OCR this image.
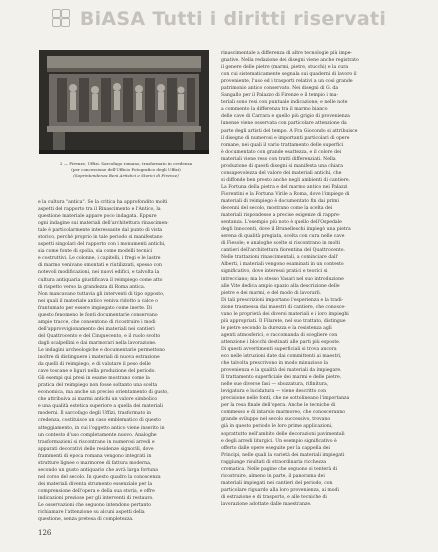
BiASA Tutti i diritti riservati
2 — Firenze, Uffizi. Sarcofago romano, trasformato in credenza
(per concessione dell'Ufficio Fotografico degli Uffizi)
(Soprintendenza Beni Artistici e Storici di Firenze)
e la cultura "antica". Se la critica ha approfondito molti
aspetti del rapporto tra il Rinascimento e l'Antico, la
questione materiale appare poco indagata. Eppure
ogni indagine sui materiali dell'architettura rinascimen-
tale è particolarmente interessante dal punto di vista
storico, perché proprio in tale periodo si manifestano
aspetti singolari del rapporto con i monumenti antichi,
sia come fonte di spolia, sia come modelli tecnici
e costruttivi. Le colonne, i capitelli, i fregi e le lastre
di marmo venivano smontati e riutilizzati, spesso con
notevoli modificazioni, nei nuovi edifici, e talvolta la
cultura antiquaria giustificava il reimpiego come atto
di rispetto verso la grandezza di Roma antica.
Non mancavano tuttavia gli interventi di tipo opposto,
nei quali il materiale antico veniva ridotto a calce o
frantumato per essere impiegato come inerte. Di
questo fenomeno le fonti documentarie conservano
ampie tracce, che consentono di ricostruire i modi
dell'approvvigionamento dei materiali nei cantieri
del Quattrocento e del Cinquecento, e il ruolo svolto
dagli scalpellini e dai marmorari nella lavorazione.
Le indagini archeologiche e documentarie permettono
inoltre di distinguere i materiali di nuova estrazione
da quelli di reimpiego, e di valutare il peso delle
cave toscane e liguri nella produzione del periodo.
Gli esempi qui presi in esame mostrano come la
pratica del reimpiego non fosse soltanto una scelta
economica, ma anche un preciso orientamento di gusto,
che attribuiva ai marmi antichi un valore simbolico
e una qualità estetica superiore a quella dei materiali
moderni. Il sarcofago degli Uffizi, trasformato in
credenza, costituisce un caso emblematico di questo
atteggiamento, in cui l'oggetto antico viene inserito in
un contesto d'uso completamente nuovo. Analoghe
trasformazioni si riscontrano in numerosi arredi e
apparati decorativi delle residenze signorili, dove
frammenti di epoca romana vengono integrati in
strutture lignee o marmoree di fattura moderna,
secondo un gusto antiquario che avrà larga fortuna
nel corso del secolo. In questo quadro la conoscenza
dei materiali diventa strumento essenziale per la
comprensione dell'opera e della sua storia, e offre
indicazioni preziose per gli interventi di restauro.
Le osservazioni che seguono intendono pertanto
richiamare l'attenzione su alcuni aspetti della
questione, senza pretesa di completezza.
rinascimentale a differenza di altre tecnologie più impe-
gnative. Nella redazione dei disegni viene anche registrato
il genere delle pietre (marmi, pietre, stucchi) e la cura
con cui sistematicamente segnala sui quaderni di lavoro il
proveniente, l'uso ed i trasporti relativi a un così grande
patrimonio antico conservato. Nei disegni di G. da
Sangallo per il Palazzo di Firenze e il tempio i ma-
teriali sono resi con puntuale indicazione; e nelle note
a commento la differenza tra il marmo bianco
delle cave di Carrara e quello più grigio di provenienza
lunense viene osservata con particolare attenzione da
parte degli artisti del tempo. A Fra Giocondo si attribuisce
il disegno di numerosi e importanti particolari di opere
romane, nei quali il vario trattamento delle superfici
è documentato con grande esattezza, e il colore dei
materiali viene reso con tratti differenziati. Nella
produzione di questi disegni si manifesta una chiara
consapevolezza del valore dei materiali antichi, che
si diffonde ben presto anche negli ambienti di cantiere.
La Fortuna della pietra e del marmo antico nei Palazzi
Fiorentini e la Fortuna Virile a Roma, dove l'impiego di
materiali di reimpiego è documentato fin dai primi
decenni del secolo, mostrano come la scelta dei
materiali rispondesse a precise esigenze di rappre-
sentanza. L'esempio più noto è quello dell'Ospedale
degli Innocenti, dove il Brunelleschi impiegò una pietra
serena di qualità pregiata, scelta con cura nelle cave
di Fiesole; e analoghe scelte si riscontrano in molti
cantieri dell'architettura fiorentina del Quattrocento.
Nelle trattazioni rinascimentali, a cominciare dall'
Alberti, i materiali vengono esaminati in un contesto
significativo, dove interessi pratici e teorici si
intrecciano; ma lo stesso Vasari nel suo introduzione
alle Vite dedica ampio spazio alla descrizione delle
pietre e dei marmi, e del modo di lavorarli.
Di tali prescrizioni importano l'esperienza e la tradi-
zione trasmessa dai maestri di cantiere, che conosce-
vano le proprietà dei diversi materiali e i loro impieghi
più appropriati. Il Filarete, nel suo trattato, distingue
le pietre secondo la durezza e la resistenza agli
agenti atmosferici, e raccomanda di scegliere con
attenzione i blocchi destinati alle parti più esposte.
Di questi avvertimenti superficiali si trova ancora
eco nelle istruzioni date dai committenti ai maestri,
che talvolta prescrivono in modo minuzioso la
provenienza e la qualità dei materiali da impiegare.
Il trattamento superficiale dei marmi e delle pietre,
nelle sue diverse fasi — sbozzatura, rifinitura,
levigatura e lucidatura — viene descritto con
precisione nelle fonti, che ne sottolineano l'importanza
per la resa finale dell'opera. Anche le tecniche di
commesso e di intarsio marmoreo, che conosceranno
grande sviluppo nel secolo successivo, trovano
già in questo periodo le loro prime applicazioni,
soprattutto nell'ambito delle decorazioni pavimentali
e degli arredi liturgici. Un esempio significativo è
offerto dalle opere eseguite per la cappella dei
Principi, nelle quali la varietà dei materiali impiegati
raggiunge risultati di straordinaria ricchezza
cromatica. Nelle pagine che seguono si tenterà di
ricostruire, almeno in parte, il panorama dei
materiali impiegati nei cantieri del periodo, con
particolare riguardo alla loro provenienza, ai modi
di estrazione e di trasporto, e alle tecniche di
lavorazione adottate dalle maestranze.
126
